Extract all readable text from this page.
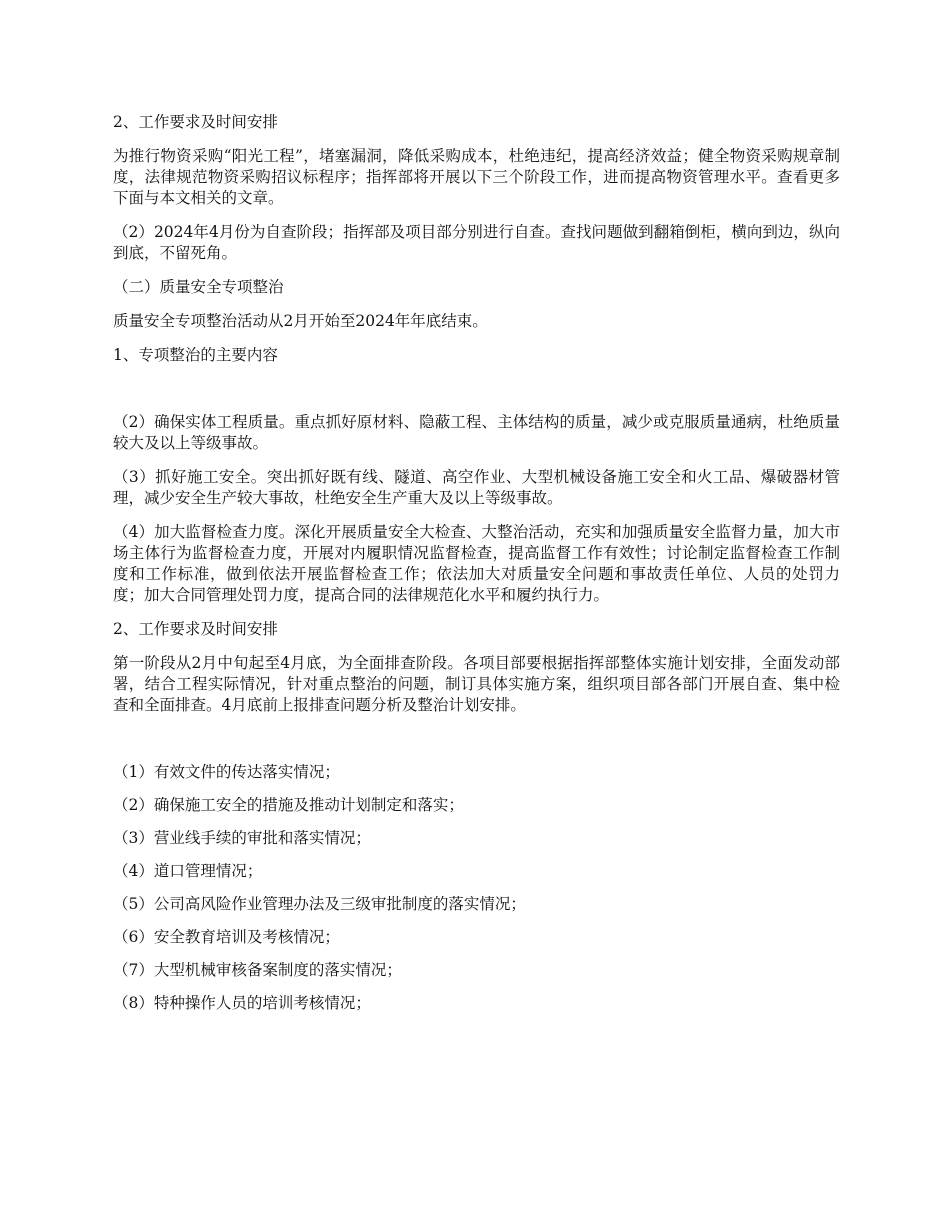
2、工作要求及时间安排

为推行物资采购“阳光工程”，堵塞漏洞，降低采购成本，杜绝违纪，提高经济效益；健全物资采购规章制度，法律规范物资采购招议标程序；指挥部将开展以下三个阶段工作，进而提高物资管理水平。查看更多下面与本文相关的文章。

（2）2024年4月份为自查阶段；指挥部及项目部分别进行自查。查找问题做到翻箱倒柜，横向到边，纵向到底，不留死角。

（二）质量安全专项整治

质量安全专项整治活动从2月开始至2024年年底结束。

1、专项整治的主要内容

（2）确保实体工程质量。重点抓好原材料、隐蔽工程、主体结构的质量，减少或克服质量通病，杜绝质量较大及以上等级事故。

（3）抓好施工安全。突出抓好既有线、隧道、高空作业、大型机械设备施工安全和火工品、爆破器材管理，减少安全生产较大事故，杜绝安全生产重大及以上等级事故。

（4）加大监督检查力度。深化开展质量安全大检查、大整治活动，充实和加强质量安全监督力量，加大市场主体行为监督检查力度，开展对内履职情况监督检查，提高监督工作有效性；讨论制定监督检查工作制度和工作标准，做到依法开展监督检查工作；依法加大对质量安全问题和事故责任单位、人员的处罚力度；加大合同管理处罚力度，提高合同的法律规范化水平和履约执行力。

2、工作要求及时间安排

第一阶段从2月中旬起至4月底，为全面排查阶段。各项目部要根据指挥部整体实施计划安排，全面发动部署，结合工程实际情况，针对重点整治的问题，制订具体实施方案，组织项目部各部门开展自查、集中检查和全面排查。4月底前上报排查问题分析及整治计划安排。

（1）有效文件的传达落实情况；

（2）确保施工安全的措施及推动计划制定和落实；

（3）营业线手续的审批和落实情况；

（4）道口管理情况；

（5）公司高风险作业管理办法及三级审批制度的落实情况；

（6）安全教育培训及考核情况；

（7）大型机械审核备案制度的落实情况；

（8）特种操作人员的培训考核情况；
